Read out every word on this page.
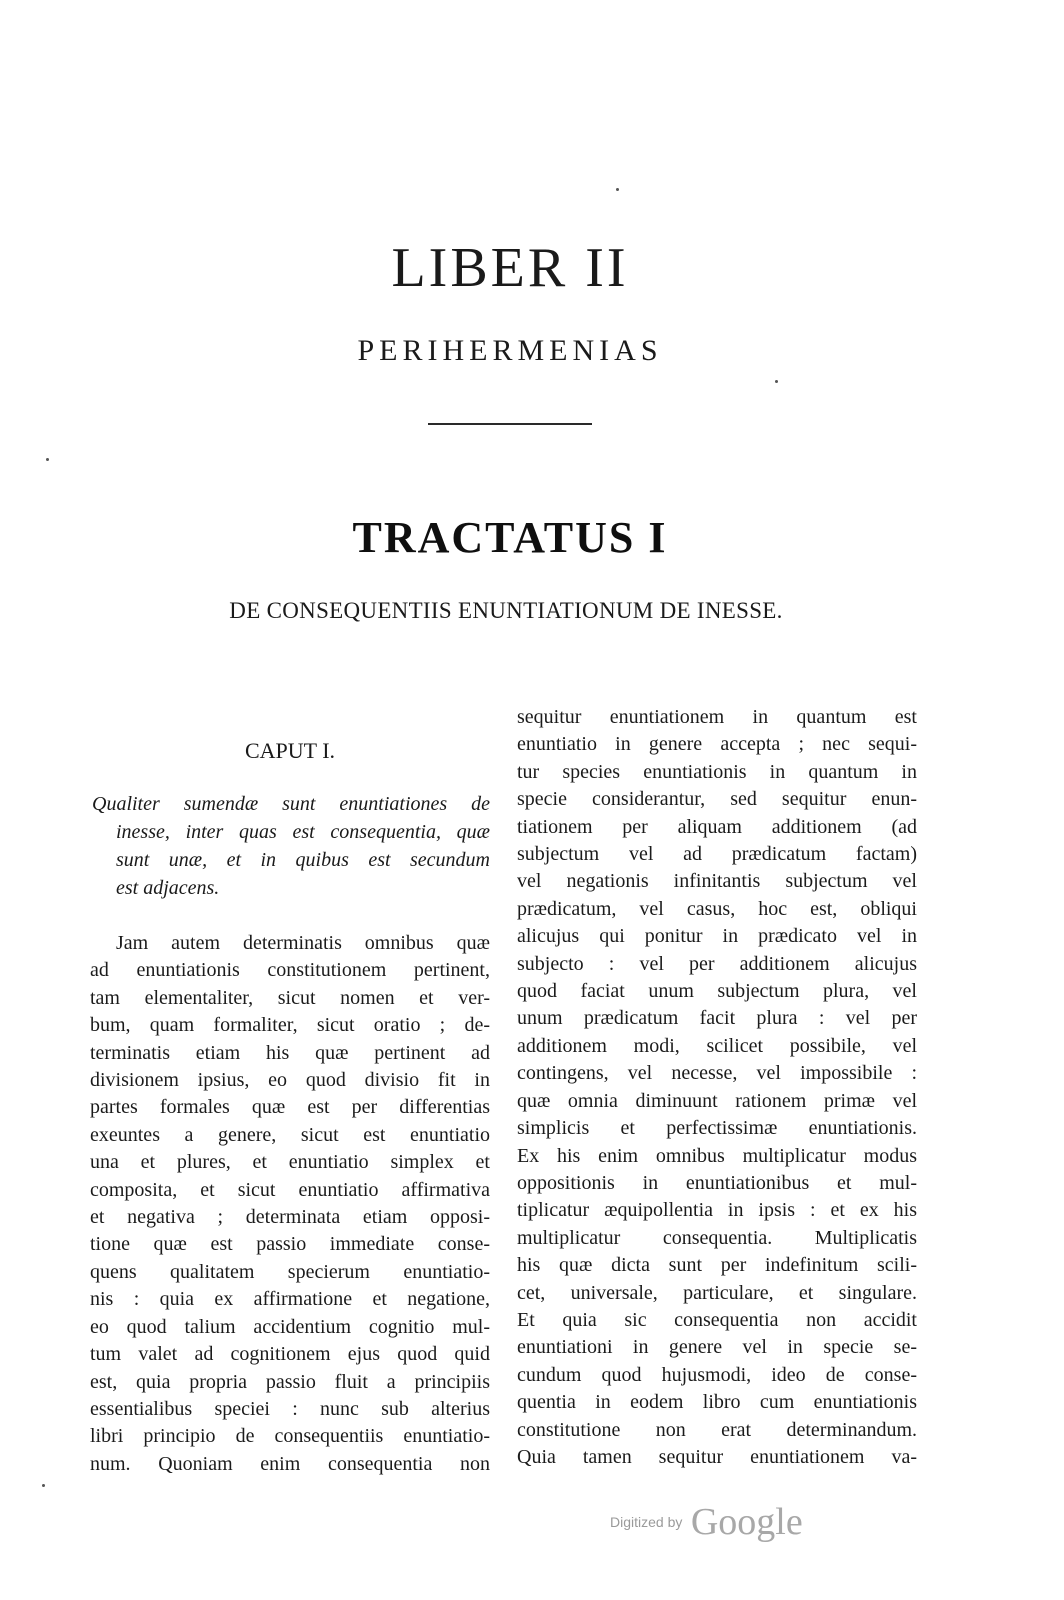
LIBER II
PERIHERMENIAS
TRACTATUS I
DE CONSEQUENTIIS ENUNTIATIONUM DE INESSE.
CAPUT I.
Qualiter sumendæ sunt enuntiationes de
inesse, inter quas est consequentia, quæ
sunt unæ, et in quibus est secundum
est adjacens.
Jam autem determinatis omnibus quæ
ad enuntiationis constitutionem pertinent,
tam elementaliter, sicut nomen et ver-
bum, quam formaliter, sicut oratio ; de-
terminatis etiam his quæ pertinent ad
divisionem ipsius, eo quod divisio fit in
partes formales quæ est per differentias
exeuntes a genere, sicut est enuntiatio
una et plures, et enuntiatio simplex et
composita, et sicut enuntiatio affirmativa
et negativa ; determinata etiam opposi-
tione quæ est passio immediate conse-
quens qualitatem specierum enuntiatio-
nis : quia ex affirmatione et negatione,
eo quod talium accidentium cognitio mul-
tum valet ad cognitionem ejus quod quid
est, quia propria passio fluit a principiis
essentialibus speciei : nunc sub alterius
libri principio de consequentiis enuntiatio-
num. Quoniam enim consequentia non
sequitur enuntiationem in quantum est
enuntiatio in genere accepta ; nec sequi-
tur species enuntiationis in quantum in
specie considerantur, sed sequitur enun-
tiationem per aliquam additionem (ad
subjectum vel ad prædicatum factam)
vel negationis infinitantis subjectum vel
prædicatum, vel casus, hoc est, obliqui
alicujus qui ponitur in prædicato vel in
subjecto : vel per additionem alicujus
quod faciat unum subjectum plura, vel
unum prædicatum facit plura : vel per
additionem modi, scilicet possibile, vel
contingens, vel necesse, vel impossibile :
quæ omnia diminuunt rationem primæ vel
simplicis et perfectissimæ enuntiationis.
Ex his enim omnibus multiplicatur modus
oppositionis in enuntiationibus et mul-
tiplicatur æquipollentia in ipsis : et ex his
multiplicatur consequentia. Multiplicatis
his quæ dicta sunt per indefinitum scili-
cet, universale, particulare, et singulare.
Et quia sic consequentia non accidit
enuntiationi in genere vel in specie se-
cundum quod hujusmodi, ideo de conse-
quentia in eodem libro cum enuntiationis
constitutione non erat determinandum.
Quia tamen sequitur enuntiationem va-
Digitized by Google
